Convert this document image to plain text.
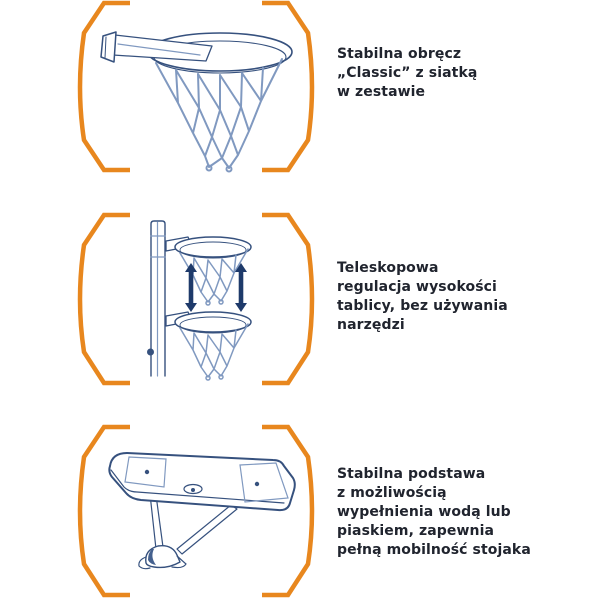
Stabilna obręcz
„Classic” z siatką
w zestawie
Teleskopowa
regulacja wysokości
tablicy, bez używania
narzędzi
Stabilna podstawa
z możliwością
wypełnienia wodą lub
piaskiem, zapewnia
pełną mobilność stojaka
